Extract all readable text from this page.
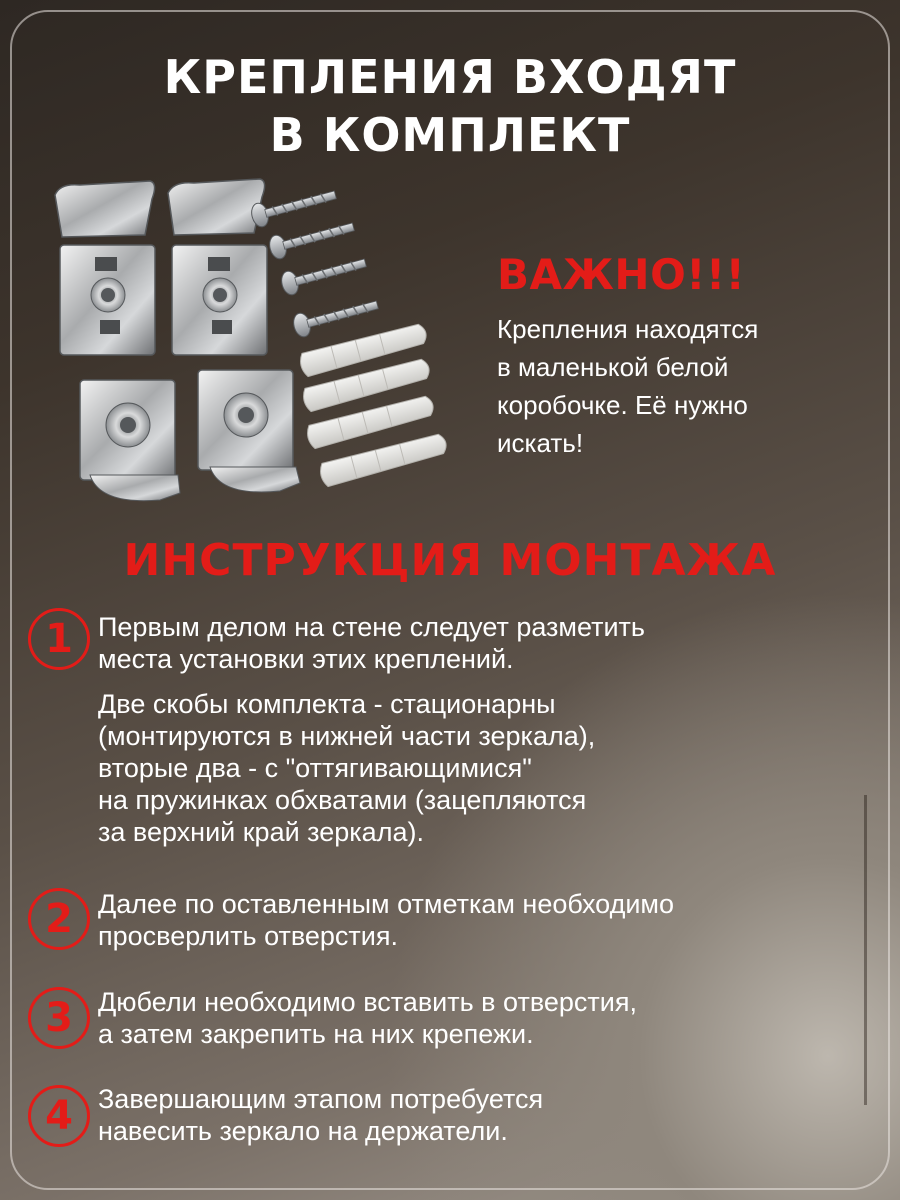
КРЕПЛЕНИЯ ВХОДЯТ
В КОМПЛЕКТ
ВАЖНО!!!
Крепления находятся
в маленькой белой
коробочке. Её нужно
искать!
ИНСТРУКЦИЯ МОНТАЖА
1 Первым делом на стене следует разметить
места установки этих креплений.
Две скобы комплекта - стационарны
(монтируются в нижней части зеркала),
вторые два - с "оттягивающимися"
на пружинках обхватами (зацепляются
за верхний край зеркала).
2 Далее по оставленным отметкам необходимо
просверлить отверстия.
3 Дюбели необходимо вставить в отверстия,
а затем закрепить на них крепежи.
4 Завершающим этапом потребуется
навесить зеркало на держатели.
